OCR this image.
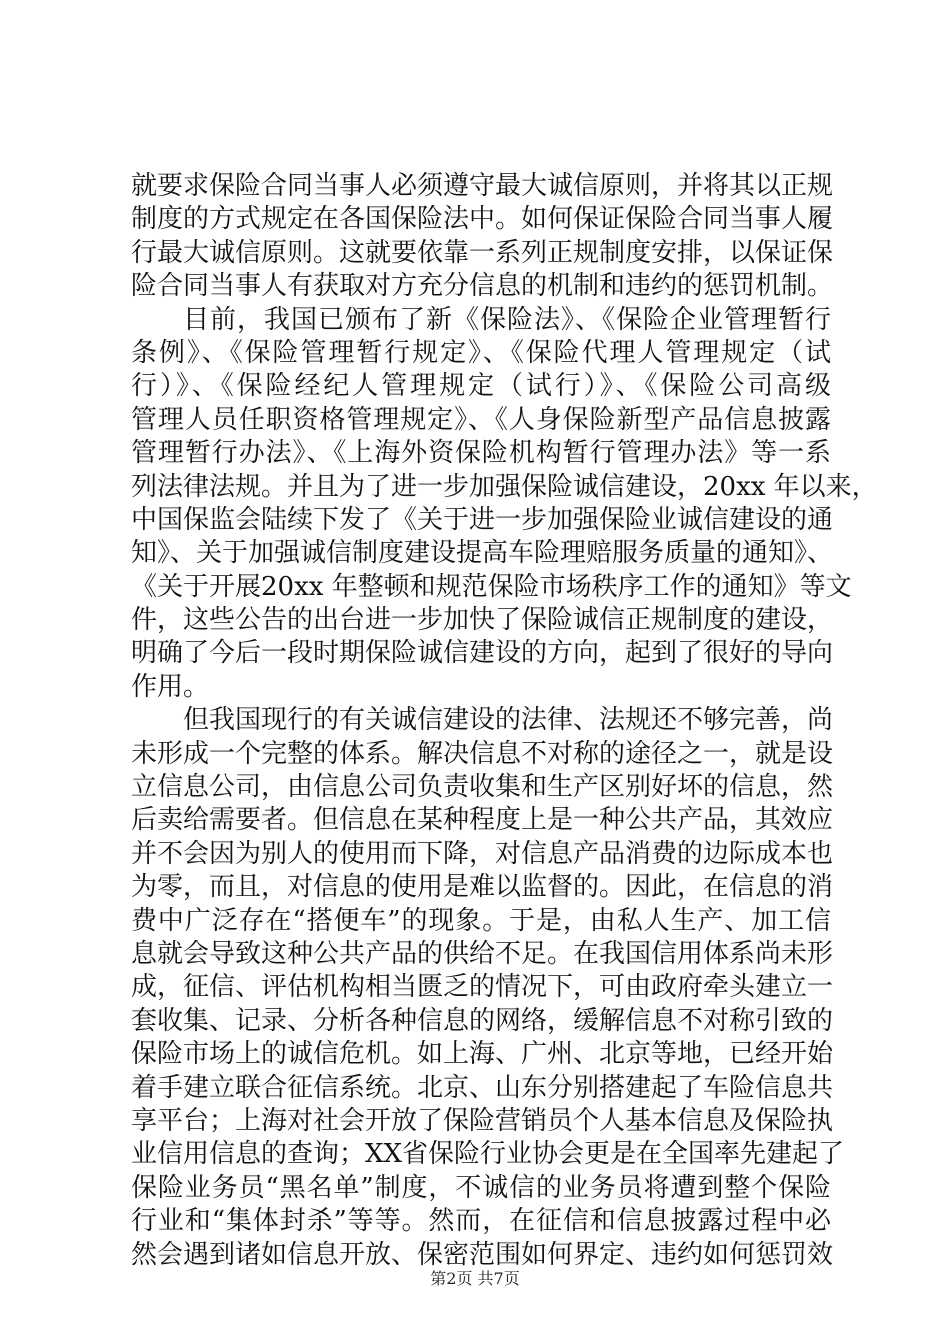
就要求保险合同当事人必须遵守最大诚信原则，并将其以正规
制度的方式规定在各国保险法中。如何保证保险合同当事人履
行最大诚信原则。这就要依靠一系列正规制度安排，以保证保
险合同当事人有获取对方充分信息的机制和违约的惩罚机制。
目前，我国已颁布了新《保险法》、《保险企业管理暂行
条例》、《保险管理暂行规定》、《保险代理人管理规定（试
行）》、《保险经纪人管理规定（试行）》、《保险公司高级
管理人员任职资格管理规定》、《人身保险新型产品信息披露
管理暂行办法》、《上海外资保险机构暂行管理办法》等一系
列法律法规。并且为了进一步加强保险诚信建设，20xx 年以来，
中国保监会陆续下发了《关于进一步加强保险业诚信建设的通
知》、关于加强诚信制度建设提高车险理赔服务质量的通知》、
《关于开展20xx 年整顿和规范保险市场秩序工作的通知》等文
件，这些公告的出台进一步加快了保险诚信正规制度的建设，
明确了今后一段时期保险诚信建设的方向，起到了很好的导向
作用。
但我国现行的有关诚信建设的法律、法规还不够完善，尚
未形成一个完整的体系。解决信息不对称的途径之一，就是设
立信息公司，由信息公司负责收集和生产区别好坏的信息，然
后卖给需要者。但信息在某种程度上是一种公共产品，其效应
并不会因为别人的使用而下降，对信息产品消费的边际成本也
为零，而且，对信息的使用是难以监督的。因此，在信息的消
费中广泛存在“搭便车”的现象。于是，由私人生产、加工信
息就会导致这种公共产品的供给不足。在我国信用体系尚未形
成，征信、评估机构相当匮乏的情况下，可由政府牵头建立一
套收集、记录、分析各种信息的网络，缓解信息不对称引致的
保险市场上的诚信危机。如上海、广州、北京等地，已经开始
着手建立联合征信系统。北京、山东分别搭建起了车险信息共
享平台；上海对社会开放了保险营销员个人基本信息及保险执
业信用信息的查询；XX省保险行业协会更是在全国率先建起了
保险业务员“黑名单”制度，不诚信的业务员将遭到整个保险
行业和“集体封杀”等等。然而，在征信和信息披露过程中必
然会遇到诸如信息开放、保密范围如何界定、违约如何惩罚效
第2页 共7页
